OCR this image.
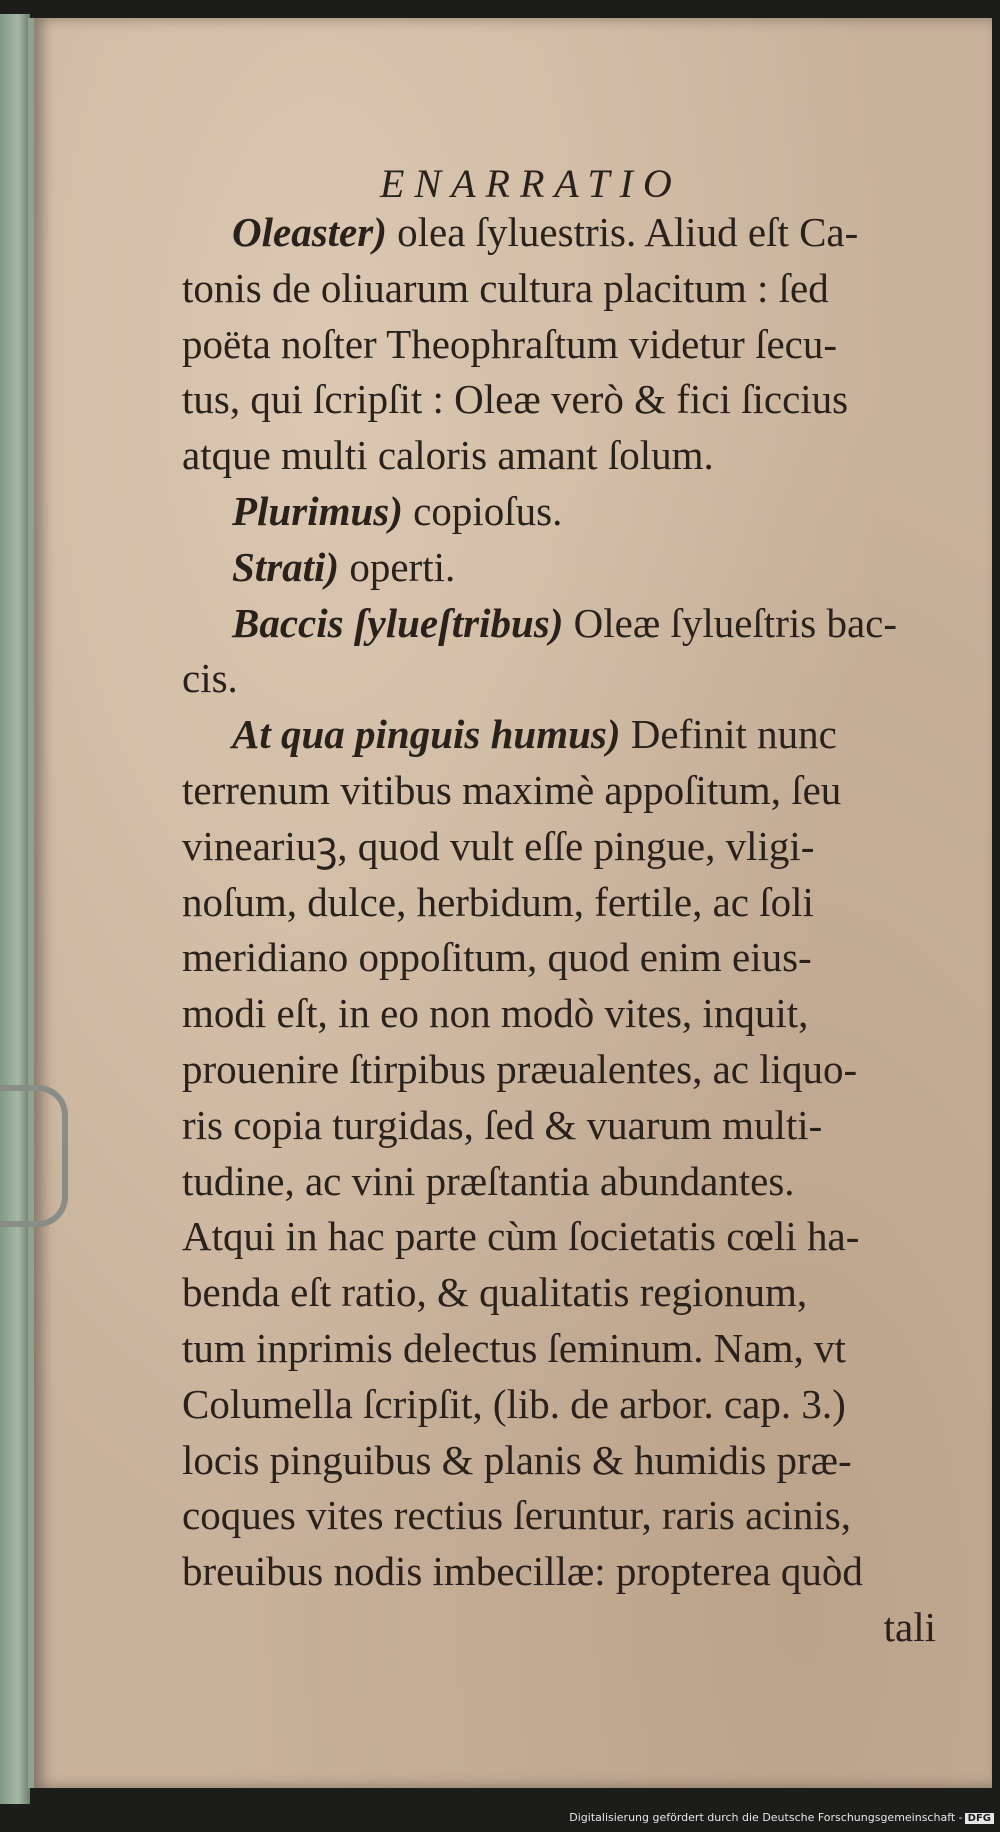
ENARRATIO
Oleaster) olea ſyluestris. Aliud eſt Ca-
tonis de oliuarum cultura placitum : ſed
poëta noſter Theophraſtum videtur ſecu-
tus, qui ſcripſit : Oleæ verò & fici ſiccius
atque multi caloris amant ſolum.
Plurimus) copioſus.
Strati) operti.
Baccis ſylueſtribus) Oleæ ſylueſtris bac-
cis.
At qua pinguis humus) Definit nunc
terrenum vitibus maximè appoſitum, ſeu
vineariuꝫ, quod vult eſſe pingue, vligi-
noſum, dulce, herbidum, fertile, ac ſoli
meridiano oppoſitum, quod enim eius-
modi eſt, in eo non modò vites, inquit,
prouenire ſtirpibus præualentes, ac liquo-
ris copia turgidas, ſed & vuarum multi-
tudine, ac vini præſtantia abundantes.
Atqui in hac parte cùm ſocietatis cœli ha-
benda eſt ratio, & qualitatis regionum,
tum inprimis delectus ſeminum. Nam, vt
Columella ſcripſit, (lib. de arbor. cap. 3.)
locis pinguibus & planis & humidis præ-
coques vites rectius ſeruntur, raris acinis,
breuibus nodis imbecillæ: propterea quòd
tali
Digitalisierung gefördert durch die Deutsche Forschungsgemeinschaft - DFG
